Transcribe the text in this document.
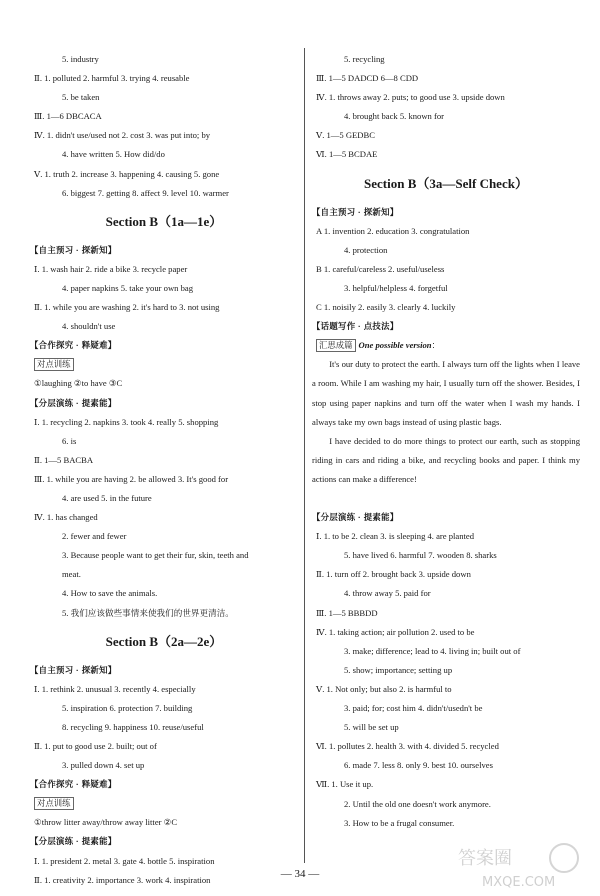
5. industry
Ⅱ. 1. polluted 2. harmful 3. trying 4. reusable
5. be taken
Ⅲ. 1—6 DBCACA
Ⅳ. 1. didn't use/used not 2. cost 3. was put into; by
4. have written 5. How did/do
Ⅴ. 1. truth 2. increase 3. happening 4. causing 5. gone
6. biggest 7. getting 8. affect 9. level 10. warmer
Section B（1a—1e）
【自主预习 · 探新知】
Ⅰ. 1. wash hair 2. ride a bike 3. recycle paper
4. paper napkins 5. take your own bag
Ⅱ. 1. while you are washing 2. it's hard to 3. not using
4. shouldn't use
【合作探究 · 释疑难】
对点训练
①laughing ②to have ③C
【分层演练 · 提素能】
Ⅰ. 1. recycling 2. napkins 3. took 4. really 5. shopping
6. is
Ⅱ. 1—5 BACBA
Ⅲ. 1. while you are having 2. be allowed 3. It's good for
4. are used 5. in the future
Ⅳ. 1. has changed
2. fewer and fewer
3. Because people want to get their fur, skin, teeth and
meat.
4. How to save the animals.
5. 我们应该做些事情来使我们的世界更清洁。
Section B（2a—2e）
【自主预习 · 探新知】
Ⅰ. 1. rethink 2. unusual 3. recently 4. especially
5. inspiration 6. protection 7. building
8. recycling 9. happiness 10. reuse/useful
Ⅱ. 1. put to good use 2. built; out of
3. pulled down 4. set up
【合作探究 · 释疑难】
对点训练
①throw litter away/throw away litter ②C
【分层演练 · 提素能】
Ⅰ. 1. president 2. metal 3. gate 4. bottle 5. inspiration
Ⅱ. 1. creativity 2. importance 3. work 4. inspiration
5. recycling
Ⅲ. 1—5 DADCD 6—8 CDD
Ⅳ. 1. throws away 2. puts; to good use 3. upside down
4. brought back 5. known for
Ⅴ. 1—5 GEDBC
Ⅵ. 1—5 BCDAE
Section B（3a—Self Check）
【自主预习 · 探新知】
A 1. invention 2. education 3. congratulation
4. protection
B 1. careful/careless 2. useful/useless
3. helpful/helpless 4. forgetful
C 1. noisily 2. easily 3. clearly 4. luckily
【话题写作 · 点技法】
汇思成篇 One possible version：
It's our duty to protect the earth. I always turn off the lights when I leave a room. While I am washing my hair, I usually turn off the shower. Besides, I stop using paper napkins and turn off the water when I wash my hands. I always take my own bags instead of using plastic bags.
I have decided to do more things to protect our earth, such as stopping riding in cars and riding a bike, and recycling books and paper. I think my actions can make a difference!
【分层演练 · 提素能】
Ⅰ. 1. to be 2. clean 3. is sleeping 4. are planted
5. have lived 6. harmful 7. wooden 8. sharks
Ⅱ. 1. turn off 2. brought back 3. upside down
4. throw away 5. paid for
Ⅲ. 1—5 BBBDD
Ⅳ. 1. taking action; air pollution 2. used to be
3. make; difference; lead to 4. living in; built out of
5. show; importance; setting up
Ⅴ. 1. Not only; but also 2. is harmful to
3. paid; for; cost him 4. didn't/usedn't be
5. will be set up
Ⅵ. 1. pollutes 2. health 3. with 4. divided 5. recycled
6. made 7. less 8. only 9. best 10. ourselves
Ⅶ. 1. Use it up.
2. Until the old one doesn't work anymore.
3. How to be a frugal consumer.
— 34 —
答案圈
MXQE.COM
